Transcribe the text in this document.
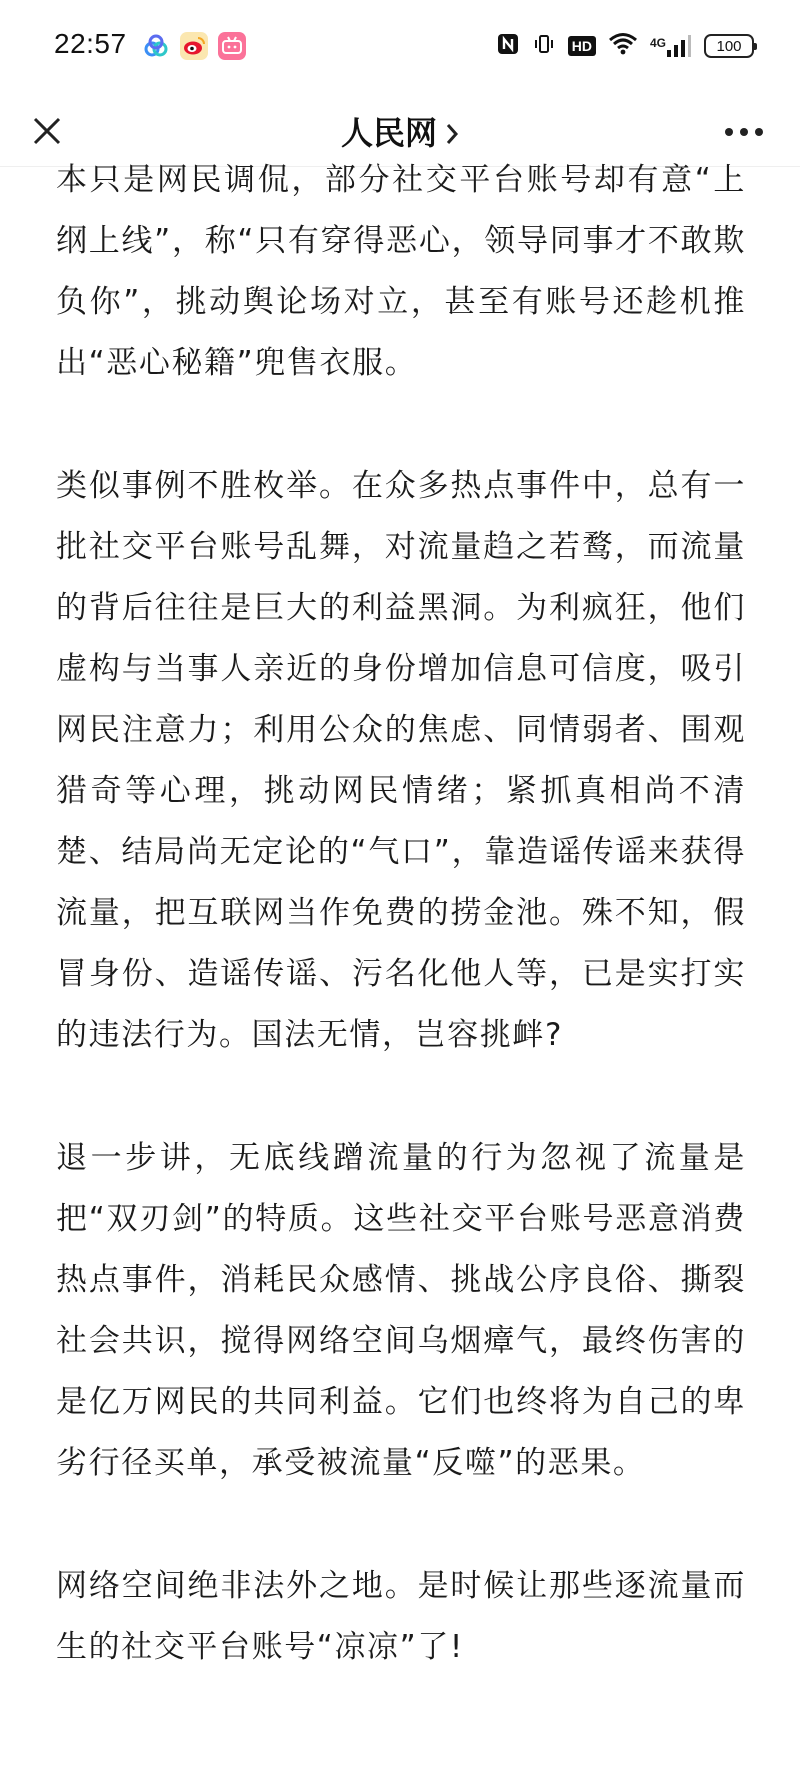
22:57	HD	4G	100
人民网

本只是网民调侃，部分社交平台账号却有意“上纲上线”，称“只有穿得恶心，领导同事才不敢欺负你”，挑动舆论场对立，甚至有账号还趁机推出“恶心秘籍”兜售衣服。

类似事例不胜枚举。在众多热点事件中，总有一批社交平台账号乱舞，对流量趋之若鹜，而流量的背后往往是巨大的利益黑洞。为利疯狂，他们虚构与当事人亲近的身份增加信息可信度，吸引网民注意力；利用公众的焦虑、同情弱者、围观猎奇等心理，挑动网民情绪；紧抓真相尚不清楚、结局尚无定论的“气口”，靠造谣传谣来获得流量，把互联网当作免费的捞金池。殊不知，假冒身份、造谣传谣、污名化他人等，已是实打实的违法行为。国法无情，岂容挑衅?

退一步讲，无底线蹭流量的行为忽视了流量是把“双刃剑”的特质。这些社交平台账号恶意消费热点事件，消耗民众感情、挑战公序良俗、撕裂社会共识，搅得网络空间乌烟瘴气，最终伤害的是亿万网民的共同利益。它们也终将为自己的卑劣行径买单，承受被流量“反噬”的恶果。

网络空间绝非法外之地。是时候让那些逐流量而生的社交平台账号“凉凉”了!
